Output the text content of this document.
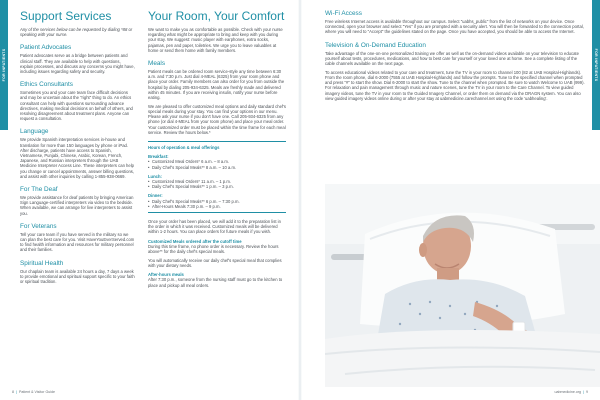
FOR INPATIENTS	FOR INPATIENTS
Support Services

Any of the services below can be requested by dialing *88 or speaking with your nurse.

Patient Advocates

Patient advocates serve as a bridge between patients and clinical staff. They are available to help with questions, explain processes, and discuss any concerns you might have, including issues regarding safety and security.

Ethics Consultants

Sometimes you and your care team face difficult decisions and may be uncertain about the "right" thing to do. An ethics consultant can help with questions surrounding advance directives, making medical decisions on behalf of others, and resolving disagreement about treatment plans. Anyone can request a consultation.

Language

We provide Spanish interpretation services in-house and translation for more than 150 languages by phone or iPad. After discharge, patients have access to Spanish, Vietnamese, Punjabi, Chinese, Arabic, Korean, French, Japanese, and Russian interpreters through the UAB Medicine Interpreter Access Line. These interpreters can help you change or cancel appointments, answer billing questions, and assist with other inquiries by calling 1-855-938-0669.

For The Deaf

We provide assistance for deaf patients by bringing American Sign Language-certified interpreters via video to the bedside. When available, we can arrange for live interpreters to assist you.

For Veterans

Tell your care team if you have served in the military so we can plan the best care for you. Visit HaveYouEverServed.com to find health information and resources for military personnel and their families.

Spiritual Health

Our chaplain team is available 24 hours a day, 7 days a week to provide emotional and spiritual support specific to your faith or spiritual tradition.

Your Room, Your Comfort

We want to make you as comfortable as possible. Check with your nurse regarding what might be appropriate to bring and keep with you during your stay. We suggest: music player with earphones, extra socks, pajamas, pen and paper, toiletries. We urge you to leave valuables at home or send them home with family members.

Meals

Patient meals can be ordered room service-style any time between 6:30 a.m. and 7:30 p.m. Just dial 4-MEAL (6325) from your room phone and place your order. Family members can also order for you from outside the hospital by dialing 205-934-6325. Meals are freshly made and delivered within 45 minutes. If you are receiving insulin, notify your nurse before eating.

We are pleased to offer customized meal options and daily standard chef's special meals during your stay. You can find your options in our menu. Please ask your nurse if you don't have one. Call 205-934-6325 from any phone (or dial 4-MEAL from your room phone) and place your meal order. Your customized order must be placed within the time frame for each meal service. Review the hours below.*

Hours of operation & meal offerings
Breakfast:
• Customized Meal Orders* 6 a.m. – 8 a.m.
• Daily Chef's Special Meals** 8 a.m. – 10 a.m.
Lunch:
• Customized Meal Orders* 11 a.m. – 1 p.m.
• Daily Chef's Special Meals** 1 p.m. – 3 p.m.
Dinner:
• Daily Chef's Special Meals** 6 p.m. – 7:30 p.m.
• After-Hours Meals 7:30 p.m. – 9 p.m.

Once your order has been placed, we will add it to the preparation list in the order in which it was received. Customized meals will be delivered within 1-2 hours. You can place orders for future meals if you wish.

Customized Meals ordered after the cutoff time

During this time frame, no phone order is necessary. Review the hours above** for the daily chef's special meals.

You will automatically receive our daily chef's special meal that complies with your dietary needs.

After-hours meals

After 7:30 p.m., someone from the nursing staff must go to the kitchen to place and pickup all meal orders.

Wi-Fi Access

Free wireless Internet access is available throughout our campus. Select "uabhs_public" from the list of networks on your device. Once connected, open your browser and select "Yes" if you are prompted with a security alert. You will then be forwarded to the connection portal, where you will need to "Accept" the guidelines stated on the page. Once you have accepted, you should be able to access the Internet.

Television & On-Demand Education

Take advantage of the one-on-one personalized training we offer as well as the on-demand videos available on your television to educate yourself about tests, procedures, medications, and how to best care for yourself or your loved one at home. See a complete listing of the cable channels available on the next page.

To access educational videos related to your care and treatment, tune the TV in your room to channel 100 (82 at UAB Hospital-Highlands). From the room phone, dial 6-2000 (7555 at UAB Hospital-Highlands) and follow the prompts. Tune to the specified channel when prompted and press "#" to start the show. Dial 6-2000 to start the show. Tune to the channel when prompted. Be sure to watch Welcome to UAB (999). For relaxation and pain management through music and nature scenes, tune the TV in your room to the Care Channel. To view guided imagery videos, tune the TV in your room to the Guided Imagery Channel, or order them on demand via the DRAGN system. You can also view guided imagery videos online during or after your stay at uabmedicine.carechannel.net using the code 'uabhealing'.

8 | Patient & Visitor Guide	uabmedicine.org | 9
